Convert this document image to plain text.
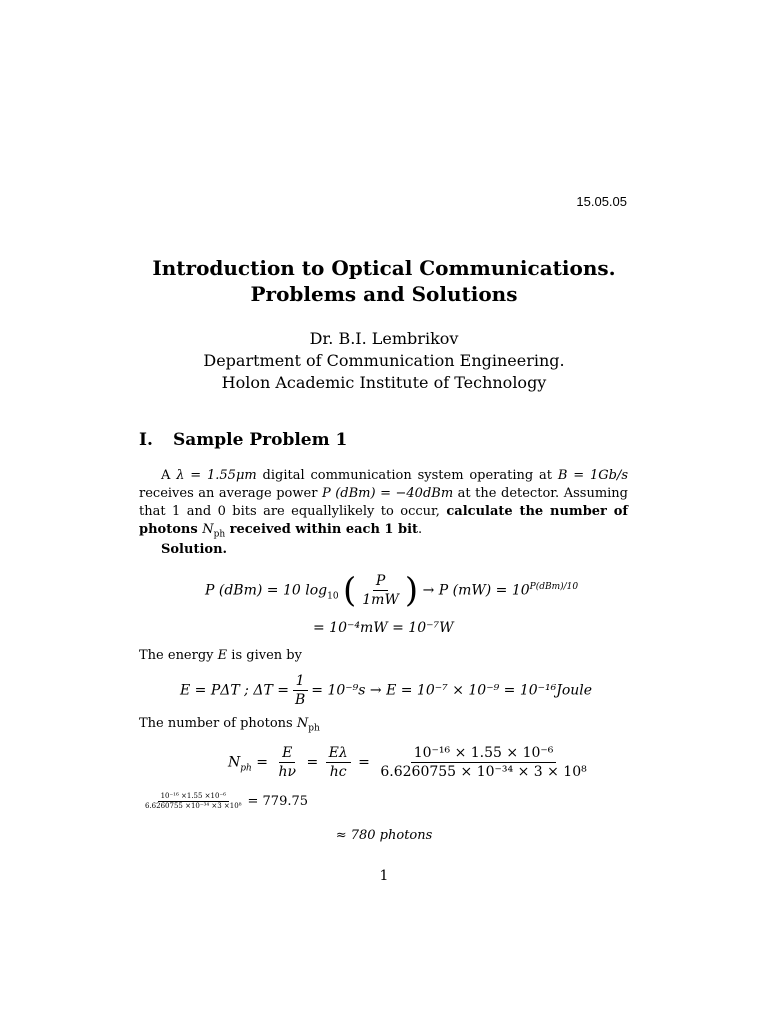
15.05.05
Introduction to Optical Communications.
Problems and Solutions
Dr. B.I. Lembrikov
Department of Communication Engineering.
Holon Academic Institute of Technology
I. Sample Problem 1
A λ = 1.55μm digital communication system operating at B = 1Gb/s receives an average power P (dBm) = −40dBm at the detector. Assuming that 1 and 0 bits are equallylikely to occur, calculate the number of photons $N_{ph}$ received within each 1 bit.
Solution.
P (dBm) = 10 $\log_{10}$ ( $\frac{P}{1mW}$ ) → P $(mW) = 10^{P(dBm)/10}$
= 10⁻⁴mW = 10⁻⁷W
The energy E is given by
E = PΔT ; $\Delta T = \frac{1}{B} = 10^{-9}s \to E = 10^{-7} \times 10^{-9}$ = 10⁻¹⁶Joule
The number of photons $N_{ph}$
$N_{ph} = \frac{E}{h\nu} = \frac{E\lambda}{hc} = \frac{\text{10⁻¹⁶ × 1.55 × 10⁻⁶}}{\text{6.6260755 × 10⁻³⁴ × 3 × 10⁸}}$
$\frac{\text{10⁻¹⁶ ×1.55 ×10⁻⁶}}{\text{6.6260755 ×10⁻³⁴ ×3 ×10⁸}} = 779.75$
≈ 780 photons
1
